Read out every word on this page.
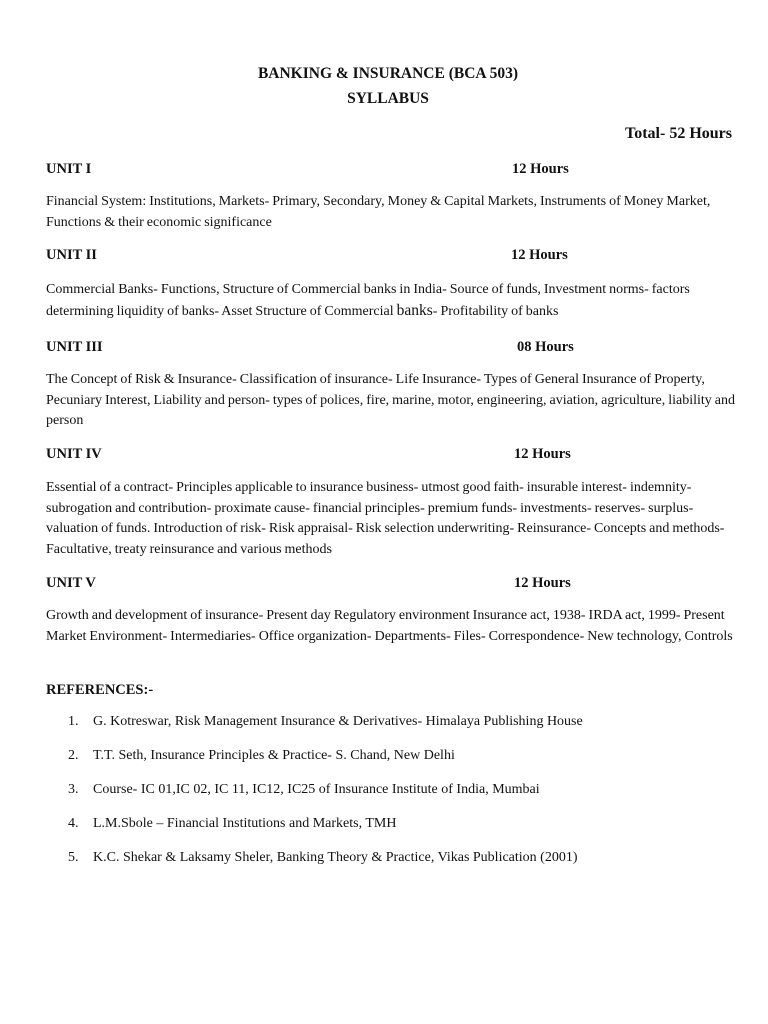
BANKING & INSURANCE (BCA 503)
SYLLABUS
Total- 52 Hours
UNIT I	12 Hours
Financial System: Institutions, Markets- Primary, Secondary, Money & Capital Markets, Instruments of Money Market, Functions & their economic significance
UNIT II	12 Hours
Commercial Banks- Functions, Structure of Commercial banks in India- Source of funds, Investment norms- factors determining liquidity of banks- Asset Structure of Commercial banks- Profitability of banks
UNIT III	08 Hours
The Concept of Risk & Insurance- Classification of insurance- Life Insurance- Types of General Insurance of Property, Pecuniary Interest, Liability and person- types of polices, fire, marine, motor, engineering, aviation, agriculture, liability and person
UNIT IV	12 Hours
Essential of a contract- Principles applicable to insurance business- utmost good faith- insurable interest- indemnity- subrogation and contribution- proximate cause- financial principles- premium funds- investments- reserves- surplus- valuation of funds. Introduction of risk- Risk appraisal- Risk selection underwriting- Reinsurance- Concepts and methods- Facultative, treaty reinsurance and various methods
UNIT V	12 Hours
Growth and development of insurance- Present day Regulatory environment Insurance act, 1938- IRDA act, 1999- Present Market Environment- Intermediaries- Office organization- Departments- Files- Correspondence- New technology, Controls
REFERENCES:-
1.	G. Kotreswar, Risk Management Insurance & Derivatives- Himalaya Publishing House
2.	T.T. Seth, Insurance Principles & Practice- S. Chand, New Delhi
3.	Course- IC 01,IC 02, IC 11, IC12, IC25 of Insurance Institute of India, Mumbai
4.	L.M.Sbole – Financial Institutions and Markets, TMH
5.	K.C. Shekar & Laksamy Sheler, Banking Theory & Practice, Vikas Publication (2001)
